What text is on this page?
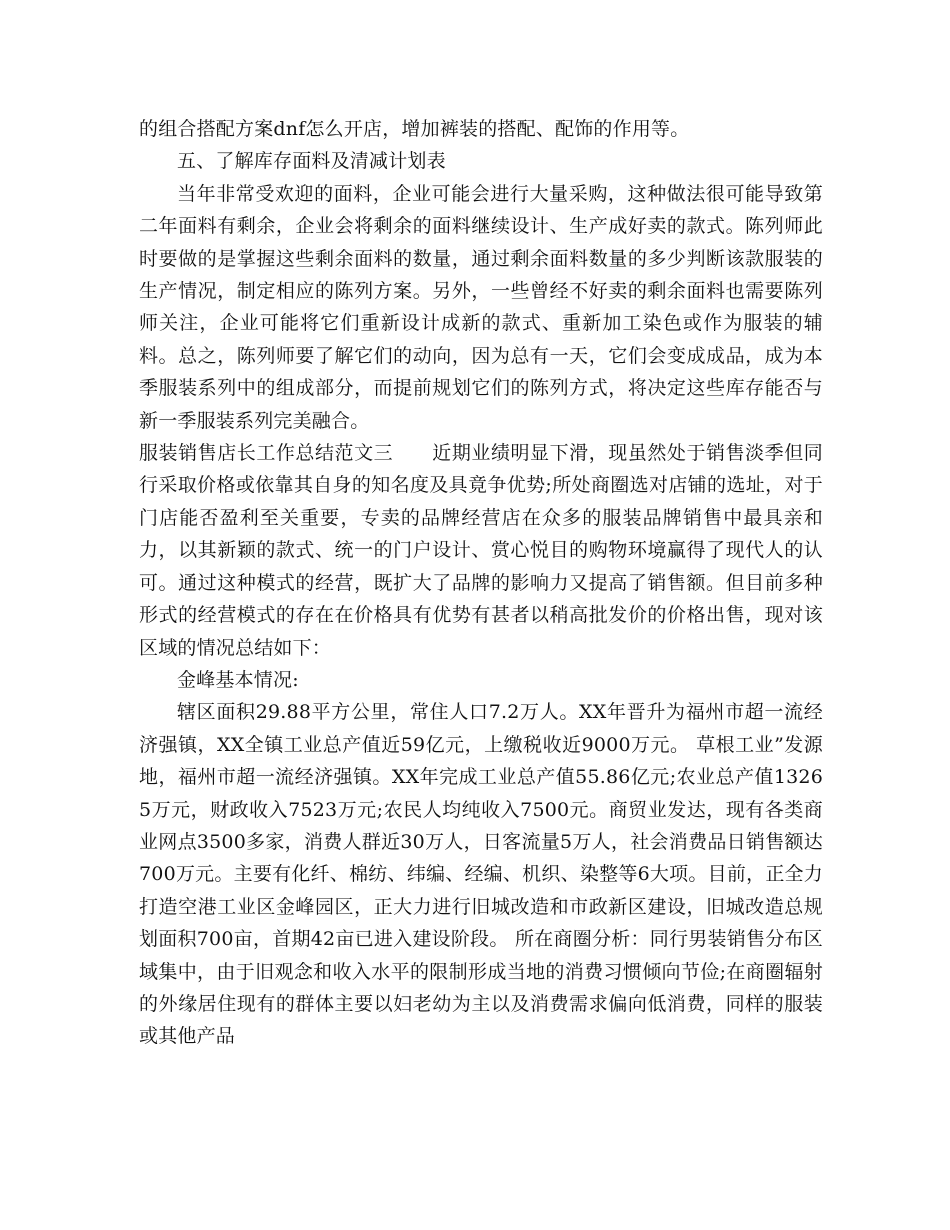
的组合搭配方案dnf怎么开店，增加裤装的搭配、配饰的作用等。

五、了解库存面料及清减计划表

当年非常受欢迎的面料，企业可能会进行大量采购，这种做法很可能导致第二年面料有剩余，企业会将剩余的面料继续设计、生产成好卖的款式。陈列师此时要做的是掌握这些剩余面料的数量，通过剩余面料数量的多少判断该款服装的生产情况，制定相应的陈列方案。另外，一些曾经不好卖的剩余面料也需要陈列师关注，企业可能将它们重新设计成新的款式、重新加工染色或作为服装的辅料。总之，陈列师要了解它们的动向，因为总有一天，它们会变成成品，成为本季服装系列中的组成部分，而提前规划它们的陈列方式，将决定这些库存能否与新一季服装系列完美融合。

服装销售店长工作总结范文三　　近期业绩明显下滑，现虽然处于销售淡季但同行采取价格或依靠其自身的知名度及具竟争优势;所处商圈选对店铺的选址，对于门店能否盈利至关重要，专卖的品牌经营店在众多的服装品牌销售中最具亲和力，以其新颖的款式、统一的门户设计、赏心悦目的购物环境赢得了现代人的认可。通过这种模式的经营，既扩大了品牌的影响力又提高了销售额。但目前多种形式的经营模式的存在在价格具有优势有甚者以稍高批发价的价格出售，现对该区域的情况总结如下：

金峰基本情况:

辖区面积29.88平方公里，常住人口7.2万人。XX年晋升为福州市超一流经济强镇，XX全镇工业总产值近59亿元，上缴税收近9000万元。 草根工业”发源地，福州市超一流经济强镇。XX年完成工业总产值55.86亿元;农业总产值13265万元，财政收入7523万元;农民人均纯收入7500元。商贸业发达，现有各类商业网点3500多家，消费人群近30万人，日客流量5万人，社会消费品日销售额达700万元。主要有化纤、棉纺、纬编、经编、机织、染整等6大项。目前，正全力打造空港工业区金峰园区，正大力进行旧城改造和市政新区建设，旧城改造总规划面积700亩，首期42亩已进入建设阶段。 所在商圈分析：同行男装销售分布区域集中，由于旧观念和收入水平的限制形成当地的消费习惯倾向节俭;在商圈辐射的外缘居住现有的群体主要以妇老幼为主以及消费需求偏向低消费，同样的服装或其他产品
